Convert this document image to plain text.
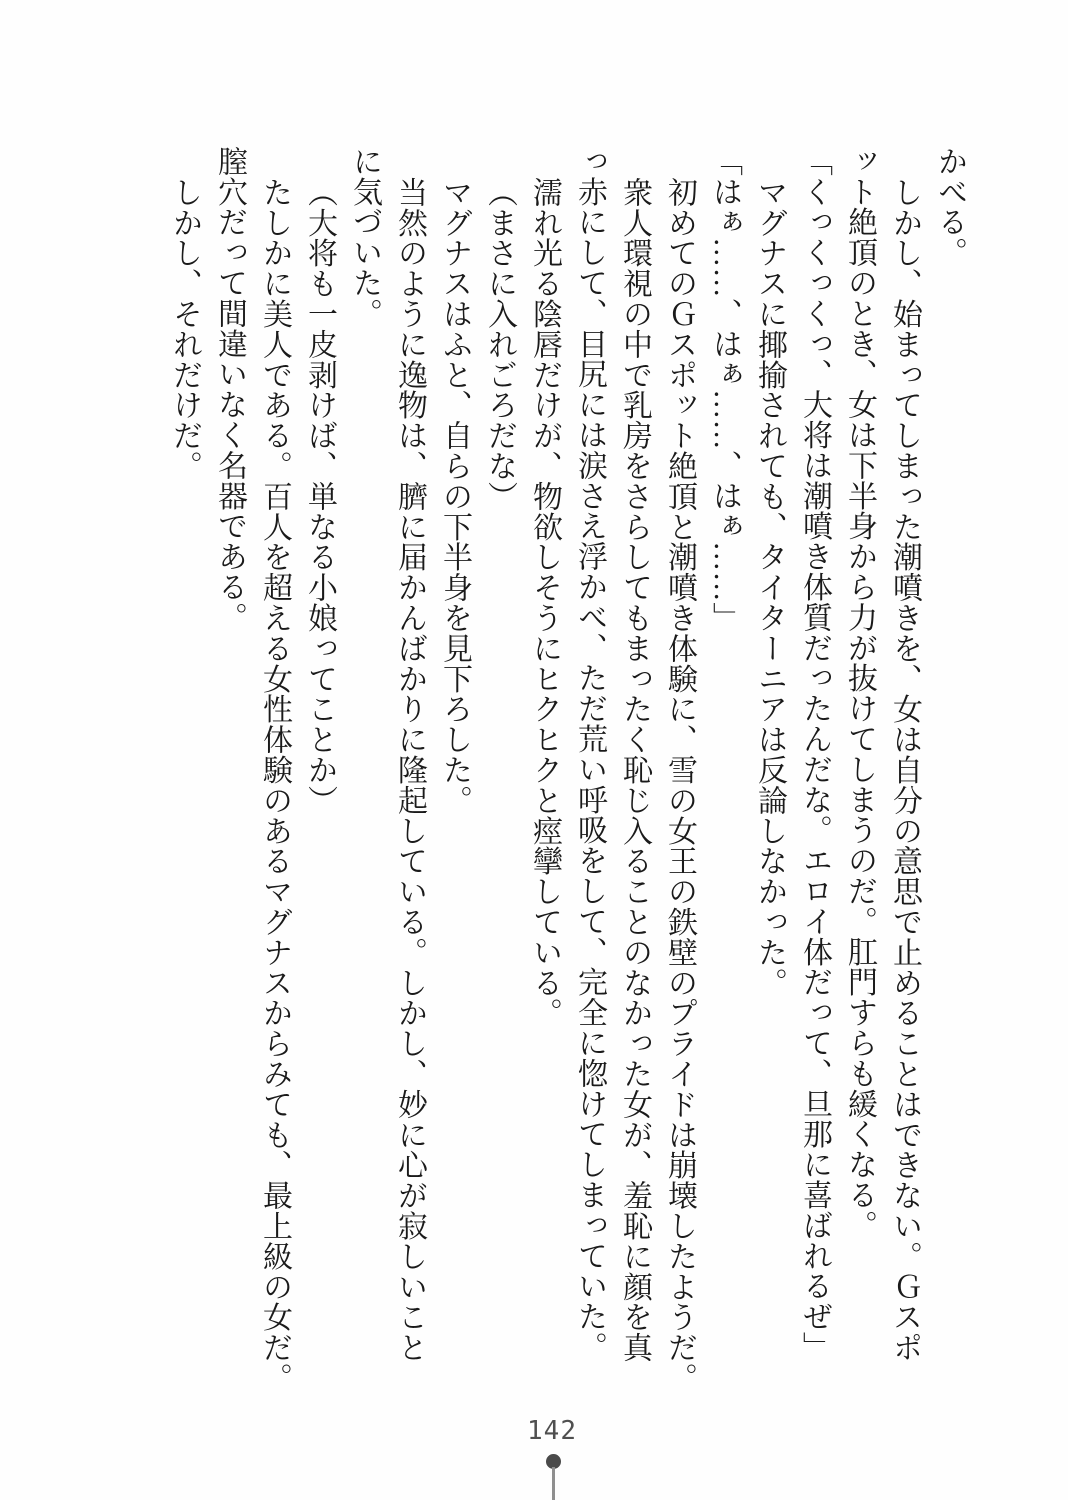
かべる。
しかし、始まってしまった潮噴きを、女は自分の意思で止めることはできない。Ｇスポ
ット絶頂のとき、女は下半身から力が抜けてしまうのだ。肛門すらも緩くなる。
「くっくっくっ、大将は潮噴き体質だったんだな。エロイ体だって、旦那に喜ばれるぜ」
マグナスに揶揄されても、タイターニアは反論しなかった。
「はぁ……、はぁ……、はぁ……」
初めてのＧスポット絶頂と潮噴き体験に、雪の女王の鉄壁のプライドは崩壊したようだ。
衆人環視の中で乳房をさらしてもまったく恥じ入ることのなかった女が、羞恥に顔を真
っ赤にして、目尻には涙さえ浮かべ、ただ荒い呼吸をして、完全に惚けてしまっていた。
濡れ光る陰唇だけが、物欲しそうにヒクヒクと痙攣している。
（まさに入れごろだな）
マグナスはふと、自らの下半身を見下ろした。
当然のように逸物は、臍に届かんばかりに隆起している。しかし、妙に心が寂しいこと
に気づいた。
（大将も一皮剥けば、単なる小娘ってことか）
たしかに美人である。百人を超える女性体験のあるマグナスからみても、最上級の女だ。
膣穴だって間違いなく名器である。
しかし、それだけだ。
142
